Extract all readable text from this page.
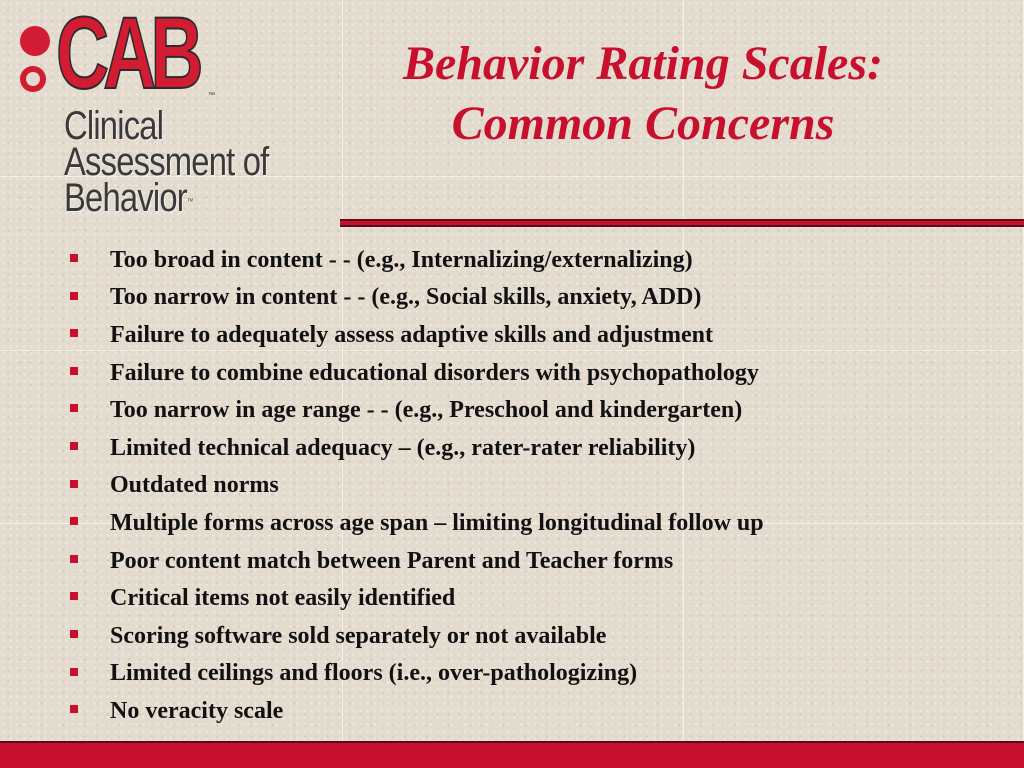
CAB ™
Clinical
Assessment of
Behavior™
Behavior Rating Scales:
Common Concerns
Too broad in content - - (e.g., Internalizing/externalizing)
Too narrow in content - - (e.g., Social skills, anxiety, ADD)
Failure to adequately assess adaptive skills and adjustment
Failure to combine educational disorders with psychopathology
Too narrow in age range - - (e.g., Preschool and kindergarten)
Limited technical adequacy – (e.g., rater-rater reliability)
Outdated norms
Multiple forms across age span – limiting longitudinal follow up
Poor content match between Parent and Teacher forms
Critical items not easily identified
Scoring software sold separately or not available
Limited ceilings and floors (i.e., over-pathologizing)
No veracity scale
